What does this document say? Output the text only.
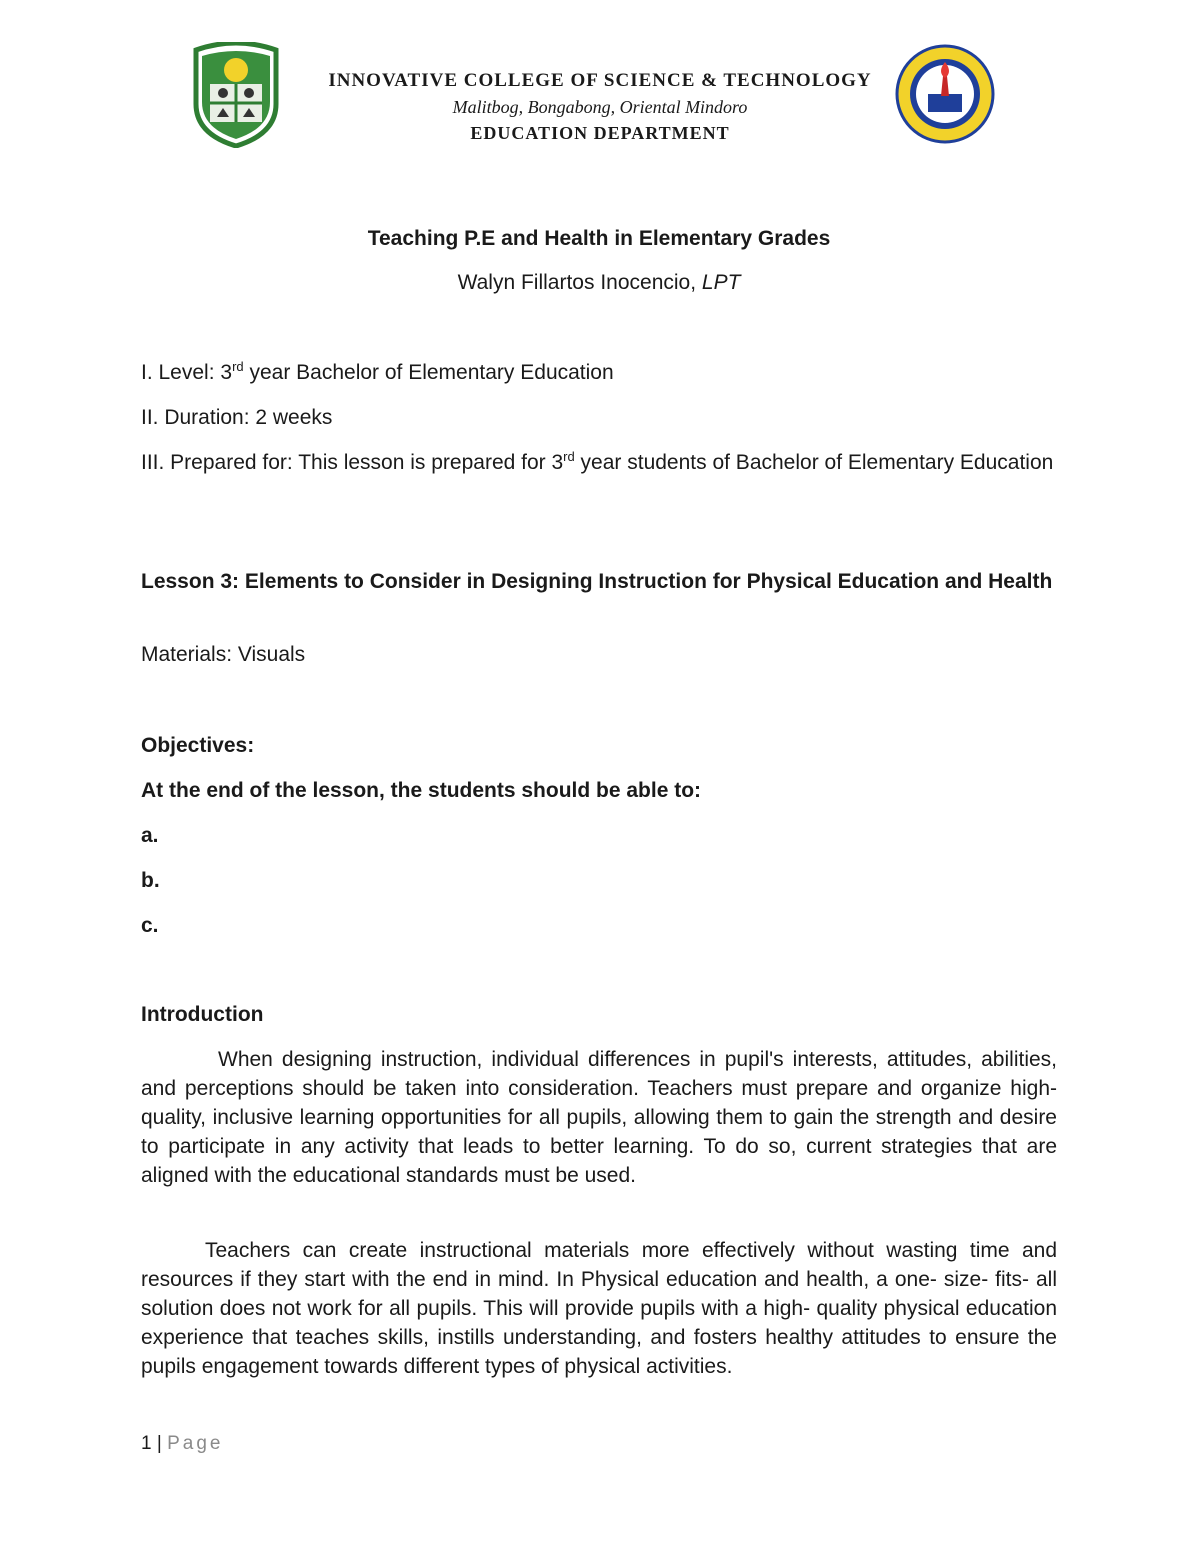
INNOVATIVE COLLEGE OF SCIENCE & TECHNOLOGY
Malitbog, Bongabong, Oriental Mindoro
EDUCATION DEPARTMENT
Teaching P.E and Health in Elementary Grades
Walyn Fillartos Inocencio, LPT
I. Level: 3rd year Bachelor of Elementary Education
II. Duration: 2 weeks
III. Prepared for: This lesson is prepared for 3rd year students of Bachelor of Elementary Education
Lesson 3: Elements to Consider in Designing Instruction for Physical Education and Health
Materials: Visuals
Objectives:
At the end of the lesson, the students should be able to:
a.
b.
c.
Introduction
When designing instruction, individual differences in pupil's interests, attitudes, abilities, and perceptions should be taken into consideration. Teachers must prepare and organize high- quality, inclusive learning opportunities for all pupils, allowing them to gain the strength and desire to participate in any activity that leads to better learning. To do so, current strategies that are aligned with the educational standards must be used.
Teachers can create instructional materials more effectively without wasting time and resources if they start with the end in mind. In Physical education and health, a one- size- fits- all solution does not work for all pupils. This will provide pupils with a high- quality physical education experience that teaches skills, instills understanding, and fosters healthy attitudes to ensure the pupils engagement towards different types of physical activities.
1 | Page
